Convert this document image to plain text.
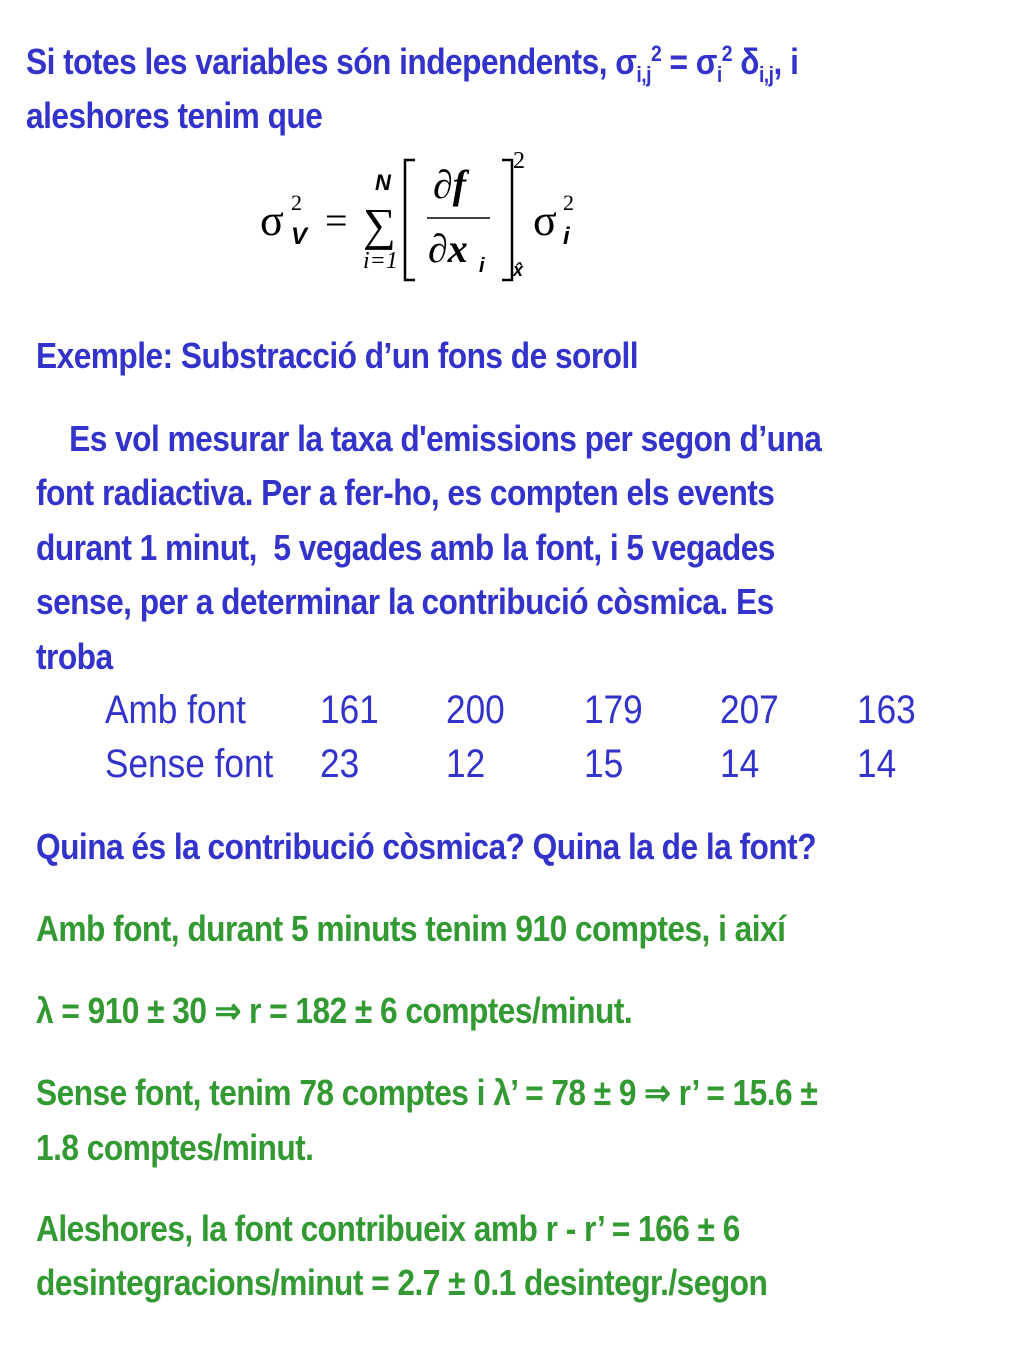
Si totes les variables són independents, $\sigma_{i,j}^2 = \sigma_i^2$ $\delta_{i,j}$, i
aleshores tenim que
σ 2
V = ∑
N
i=1
∂f
∂x i
2
x̂
σ 2
i
Exemple: Substracció d’un fons de soroll
Es vol mesurar la taxa d'emissions per segon d’una
font radiactiva. Per a fer-ho, es compten els events
durant 1 minut,  5 vegades amb la font, i 5 vegades
sense, per a determinar la contribució còsmica. Es
troba
Amb font 161 200 179 207 163
Sense font 23 12 15 14 14
Quina és la contribució còsmica? Quina la de la font?
Amb font, durant 5 minuts tenim 910 comptes, i així
λ = 910 ± 30 ⇒ r = 182 ± 6 comptes/minut.
Sense font, tenim 78 comptes i λ’ = 78 ± 9 ⇒ r’ = 15.6 ±
1.8 comptes/minut.
Aleshores, la font contribueix amb r - r’ = 166 ± 6
desintegracions/minut = 2.7 ± 0.1 desintegr./segon
